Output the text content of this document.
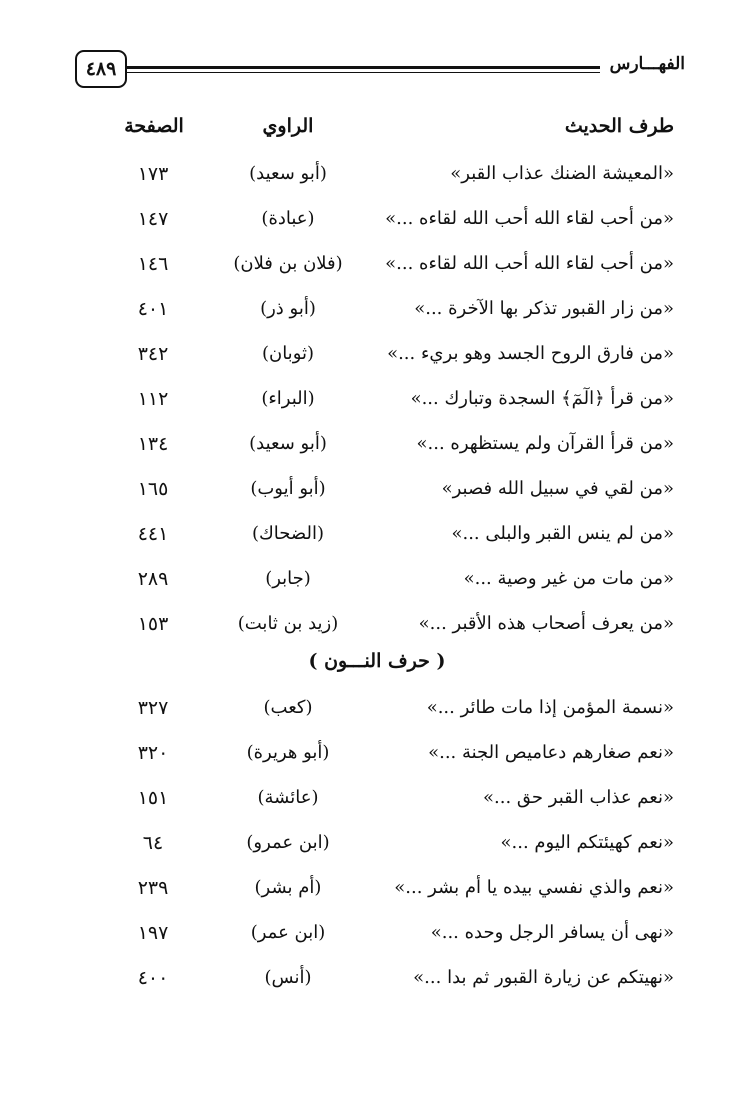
٤٨٩	الفهـــارس
الصفحة	الراوي	طرف الحديث
١٧٣	(أبو سعيد)	«المعيشة الضنك عذاب القبر»
١٤٧	(عبادة)	«من أحب لقاء الله أحب الله لقاءه ...»
١٤٦	(فلان بن فلان)	«من أحب لقاء الله أحب الله لقاءه ...»
٤٠١	(أبو ذر)	«من زار القبور تذكر بها الآخرة ...»
٣٤٢	(ثوبان)	«من فارق الروح الجسد وهو بريء ...»
١١٢	(البراء)	«من قرأ ﴿الٓمٓ﴾ السجدة وتبارك ...»
١٣٤	(أبو سعيد)	«من قرأ القرآن ولم يستظهره ...»
١٦٥	(أبو أيوب)	«من لقي في سبيل الله فصبر»
٤٤١	(الضحاك)	«من لم ينس القبر والبلى ...»
٢٨٩	(جابر)	«من مات من غير وصية ...»
١٥٣	(زيد بن ثابت)	«من يعرف أصحاب هذه الأقبر ...»
( حرف النـــون )
٣٢٧	(كعب)	«نسمة المؤمن إذا مات طائر ...»
٣٢٠	(أبو هريرة)	«نعم صغارهم دعاميص الجنة ...»
١٥١	(عائشة)	«نعم عذاب القبر حق ...»
٦٤	(ابن عمرو)	«نعم كهيئتكم اليوم ...»
٢٣٩	(أم بشر)	«نعم والذي نفسي بيده يا أم بشر ...»
١٩٧	(ابن عمر)	«نهى أن يسافر الرجل وحده ...»
٤٠٠	(أنس)	«نهيتكم عن زيارة القبور ثم بدا ...»
